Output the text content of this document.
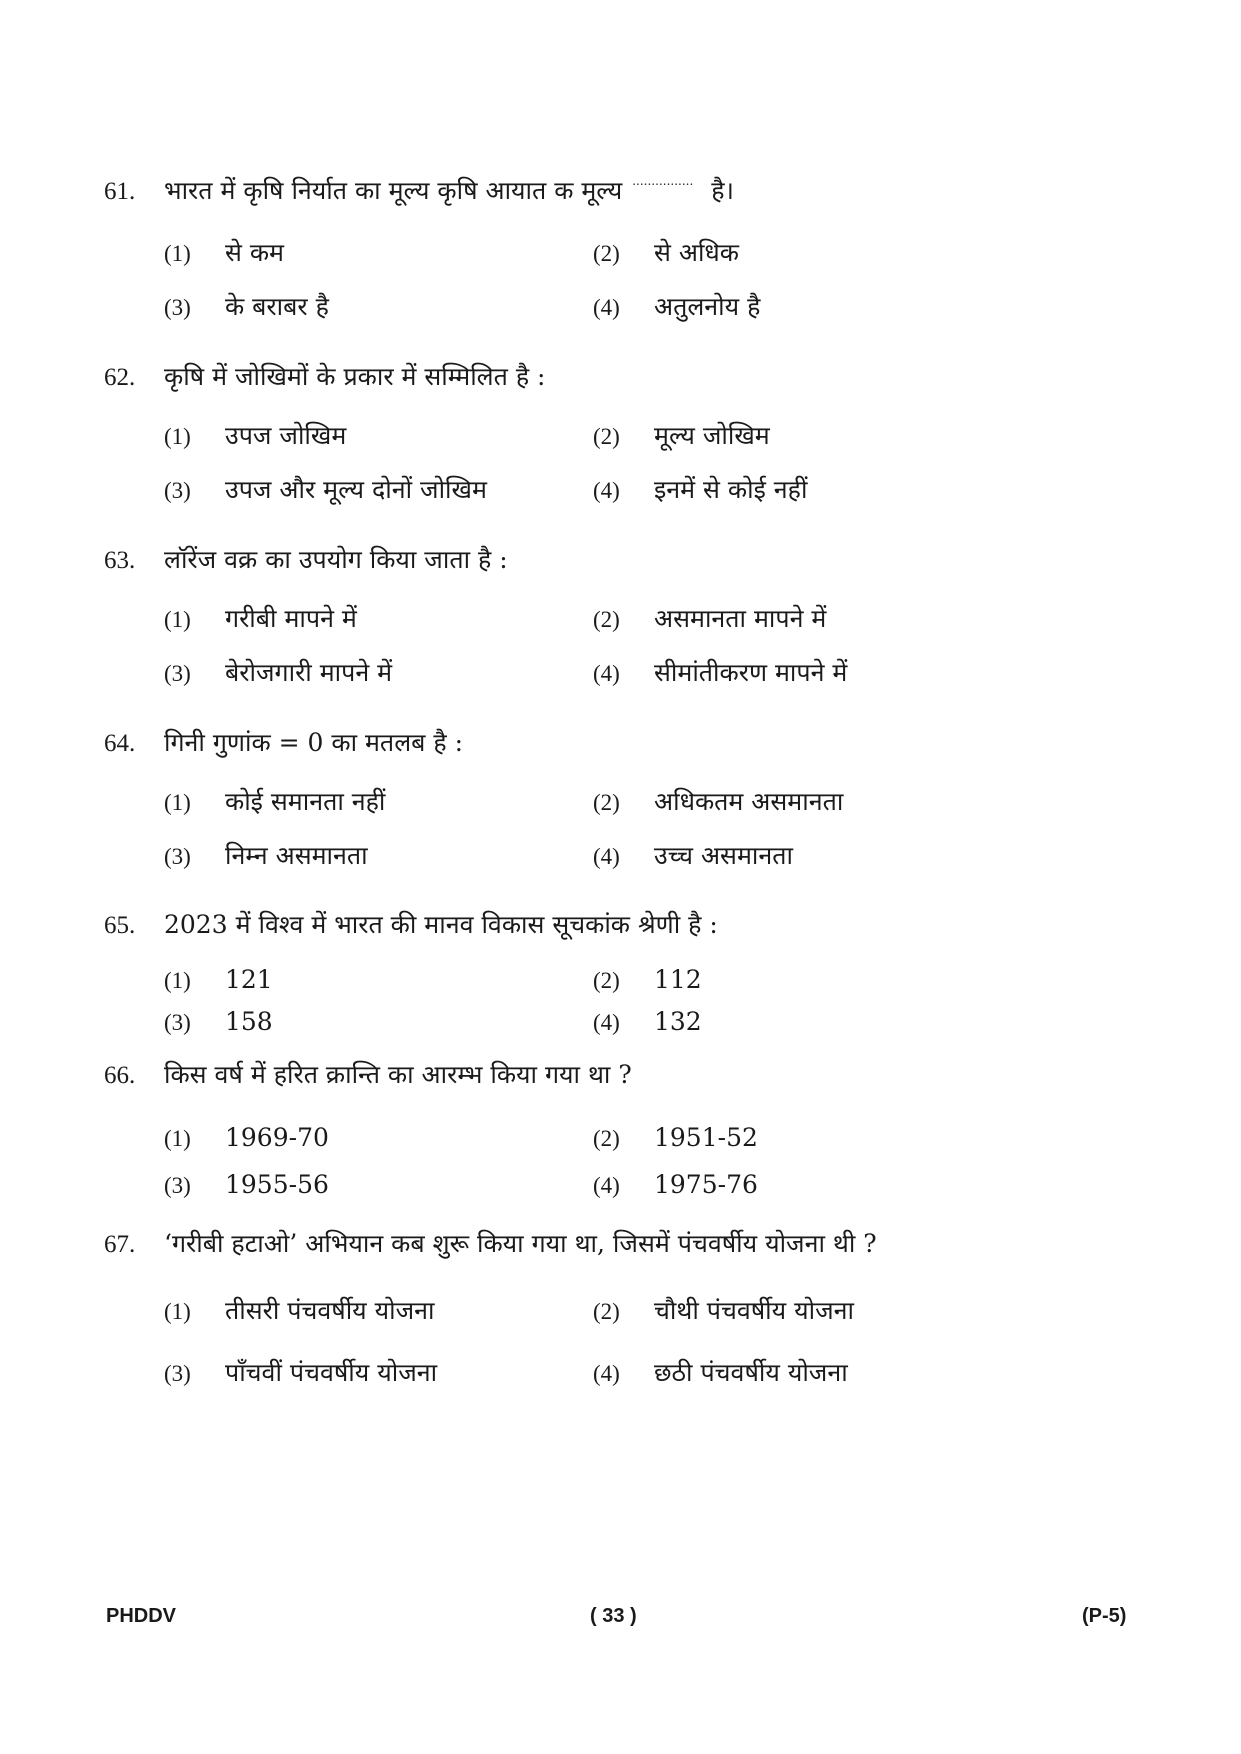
61.	भारत में कृषि निर्यात का मूल्य कृषि आयात क मूल्य ................ है।
(1)	से कम	(2)	से अधिक
(3)	के बराबर है	(4)	अतुलनोय है
62.	कृषि में जोखिमों के प्रकार में सम्मिलित है :
(1)	उपज जोखिम	(2)	मूल्य जोखिम
(3)	उपज और मूल्य दोनों जोखिम	(4)	इनमें से कोई नहीं
63.	लॉरेंज वक्र का उपयोग किया जाता है :
(1)	गरीबी मापने में	(2)	असमानता मापने में
(3)	बेरोजगारी मापने में	(4)	सीमांतीकरण मापने में
64.	गिनी गुणांक = 0 का मतलब है :
(1)	कोई समानता नहीं	(2)	अधिकतम असमानता
(3)	निम्न असमानता	(4)	उच्च असमानता
65.	2023 में विश्व में भारत की मानव विकास सूचकांक श्रेणी है :
(1)	121	(2)	112
(3)	158	(4)	132
66.	किस वर्ष में हरित क्रान्ति का आरम्भ किया गया था ?
(1)	1969-70	(2)	1951-52
(3)	1955-56	(4)	1975-76
67.	‘गरीबी हटाओ’ अभियान कब शुरू किया गया था, जिसमें पंचवर्षीय योजना थी ?
(1)	तीसरी पंचवर्षीय योजना	(2)	चौथी पंचवर्षीय योजना
(3)	पाँचवीं पंचवर्षीय योजना	(4)	छठी पंचवर्षीय योजना
PHDDV	( 33 )	(P-5)
